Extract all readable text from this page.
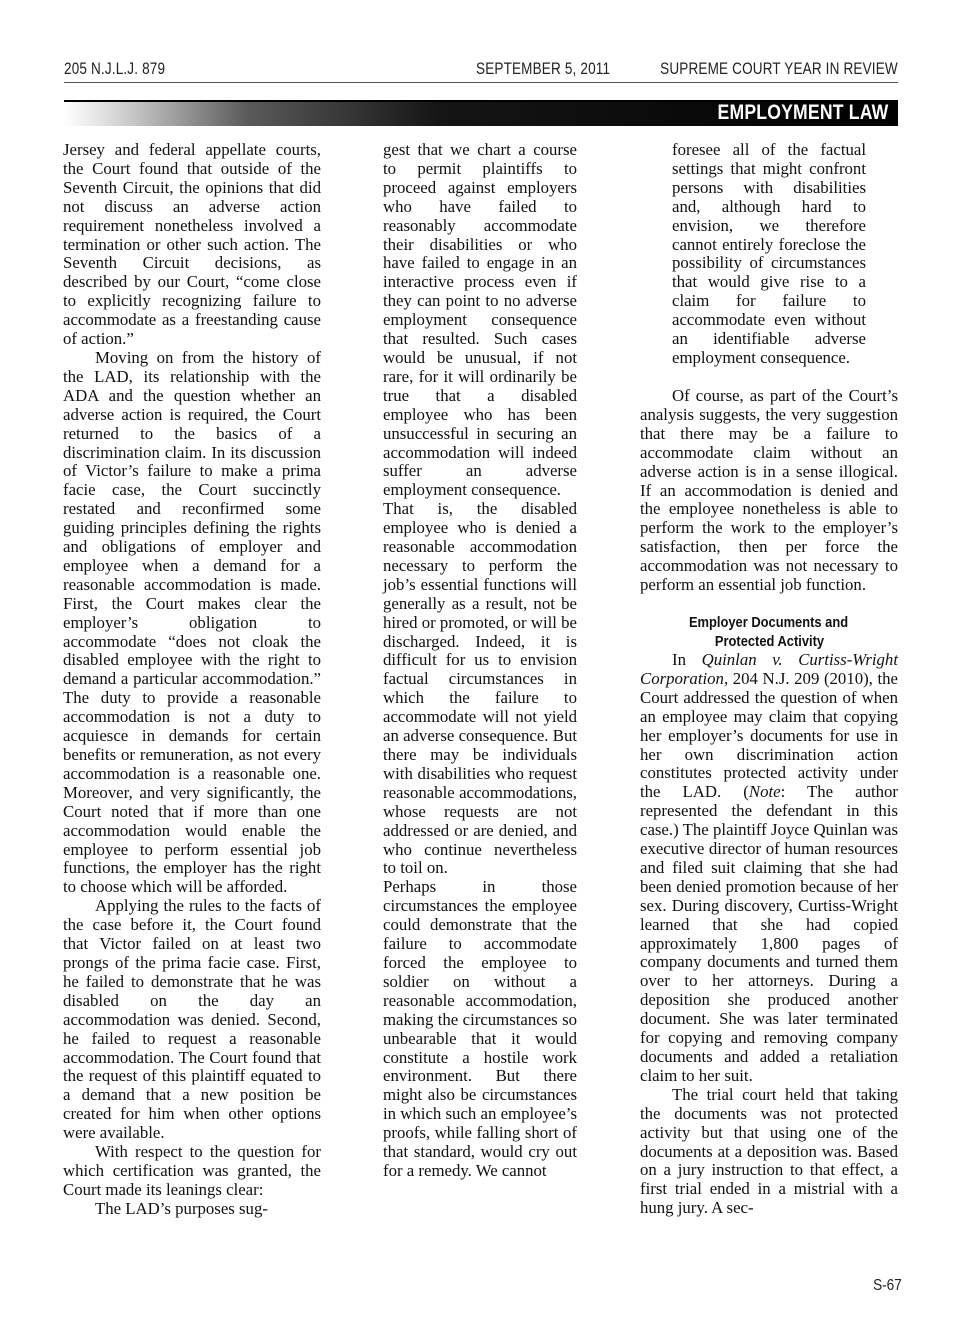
205 N.J.L.J. 879	SEPTEMBER 5, 2011	SUPREME COURT YEAR IN REVIEW
EMPLOYMENT LAW

Jersey and federal appellate courts, the Court found that outside of the Seventh Circuit, the opinions that did not discuss an adverse action requirement nonetheless involved a termination or other such action. The Seventh Circuit decisions, as described by our Court, “come close to explicitly recognizing failure to accommodate as a freestanding cause of action.”

Moving on from the history of the LAD, its relationship with the ADA and the question whether an adverse action is required, the Court returned to the basics of a discrimination claim. In its discussion of Victor’s failure to make a prima facie case, the Court succinctly restated and reconfirmed some guiding principles defining the rights and obligations of employer and employee when a demand for a reasonable accommodation is made. First, the Court makes clear the employer’s obligation to accommodate “does not cloak the disabled employee with the right to demand a particular accommodation.” The duty to provide a reasonable accommodation is not a duty to acquiesce in demands for certain benefits or remuneration, as not every accommodation is a reasonable one. Moreover, and very significantly, the Court noted that if more than one accommodation would enable the employee to perform essential job functions, the employer has the right to choose which will be afforded.

Applying the rules to the facts of the case before it, the Court found that Victor failed on at least two prongs of the prima facie case. First, he failed to demonstrate that he was disabled on the day an accommodation was denied. Second, he failed to request a reasonable accommodation. The Court found that the request of this plaintiff equated to a demand that a new position be created for him when other options were available.

With respect to the question for which certification was granted, the Court made its leanings clear:

The LAD’s purposes sug-

gest that we chart a course to permit plaintiffs to proceed against employers who have failed to reasonably accommodate their disabilities or who have failed to engage in an interactive process even if they can point to no adverse employment consequence that resulted. Such cases would be unusual, if not rare, for it will ordinarily be true that a disabled employee who has been unsuccessful in securing an accommodation will indeed suffer an adverse employment consequence.

That is, the disabled employee who is denied a reasonable accommodation necessary to perform the job’s essential functions will generally as a result, not be hired or promoted, or will be discharged. Indeed, it is difficult for us to envision factual circumstances in which the failure to accommodate will not yield an adverse consequence. But there may be individuals with disabilities who request reasonable accommodations, whose requests are not addressed or are denied, and who continue nevertheless to toil on.

Perhaps in those circumstances the employee could demonstrate that the failure to accommodate forced the employee to soldier on without a reasonable accommodation, making the circumstances so unbearable that it would constitute a hostile work environment. But there might also be circumstances in which such an employee’s proofs, while falling short of that standard, would cry out for a remedy. We cannot

foresee all of the factual settings that might confront persons with disabilities and, although hard to envision, we therefore cannot entirely foreclose the possibility of circumstances that would give rise to a claim for failure to accommodate even without an identifiable adverse employment consequence.

Of course, as part of the Court’s analysis suggests, the very suggestion that there may be a failure to accommodate claim without an adverse action is in a sense illogical. If an accommodation is denied and the employee nonetheless is able to perform the work to the employer’s satisfaction, then per force the accommodation was not necessary to perform an essential job function.

Employer Documents and
Protected Activity

In Quinlan v. Curtiss-Wright Corporation, 204 N.J. 209 (2010), the Court addressed the question of when an employee may claim that copying her employer’s documents for use in her own discrimination action constitutes protected activity under the LAD. (Note: The author represented the defendant in this case.) The plaintiff Joyce Quinlan was executive director of human resources and filed suit claiming that she had been denied promotion because of her sex. During discovery, Curtiss-Wright learned that she had copied approximately 1,800 pages of company documents and turned them over to her attorneys. During a deposition she produced another document. She was later terminated for copying and removing company documents and added a retaliation claim to her suit.

The trial court held that taking the documents was not protected activity but that using one of the documents at a deposition was. Based on a jury instruction to that effect, a first trial ended in a mistrial with a hung jury. A sec-

S-67
